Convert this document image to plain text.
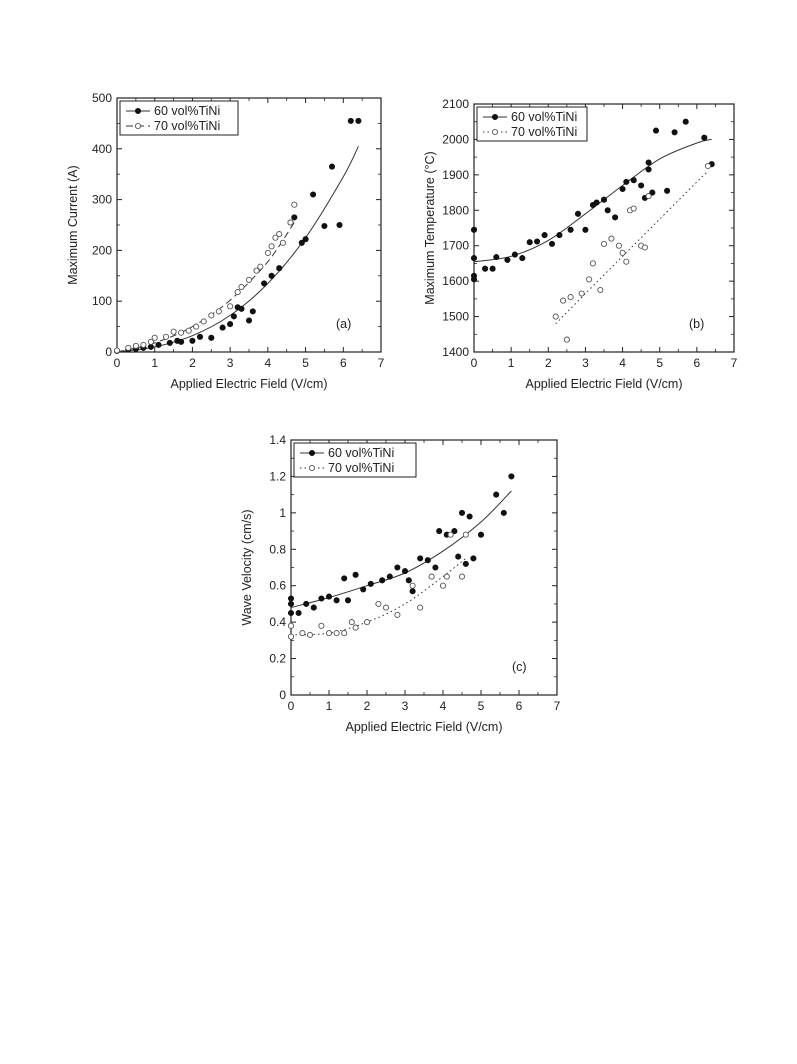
0	1	2	3	4	5	6	7
0
100
200
300
400
500
Applied Electric Field (V/cm)
Maximum Current (A)
(a)
60 vol%TiNi
70 vol%TiNi
0	1	2	3	4	5	6	7
1400
1500
1600
1700
1800
1900
2000
2100
Applied Electric Field (V/cm)
Maximum Temperature (°C)
(b)
60 vol%TiNi
70 vol%TiNi
0	1	2	3	4	5	6	7
0
0.2
0.4
0.6
0.8
1
1.2
1.4
Applied Electric Field (V/cm)
Wave Velocity (cm/s)
(c)
60 vol%TiNi
70 vol%TiNi
